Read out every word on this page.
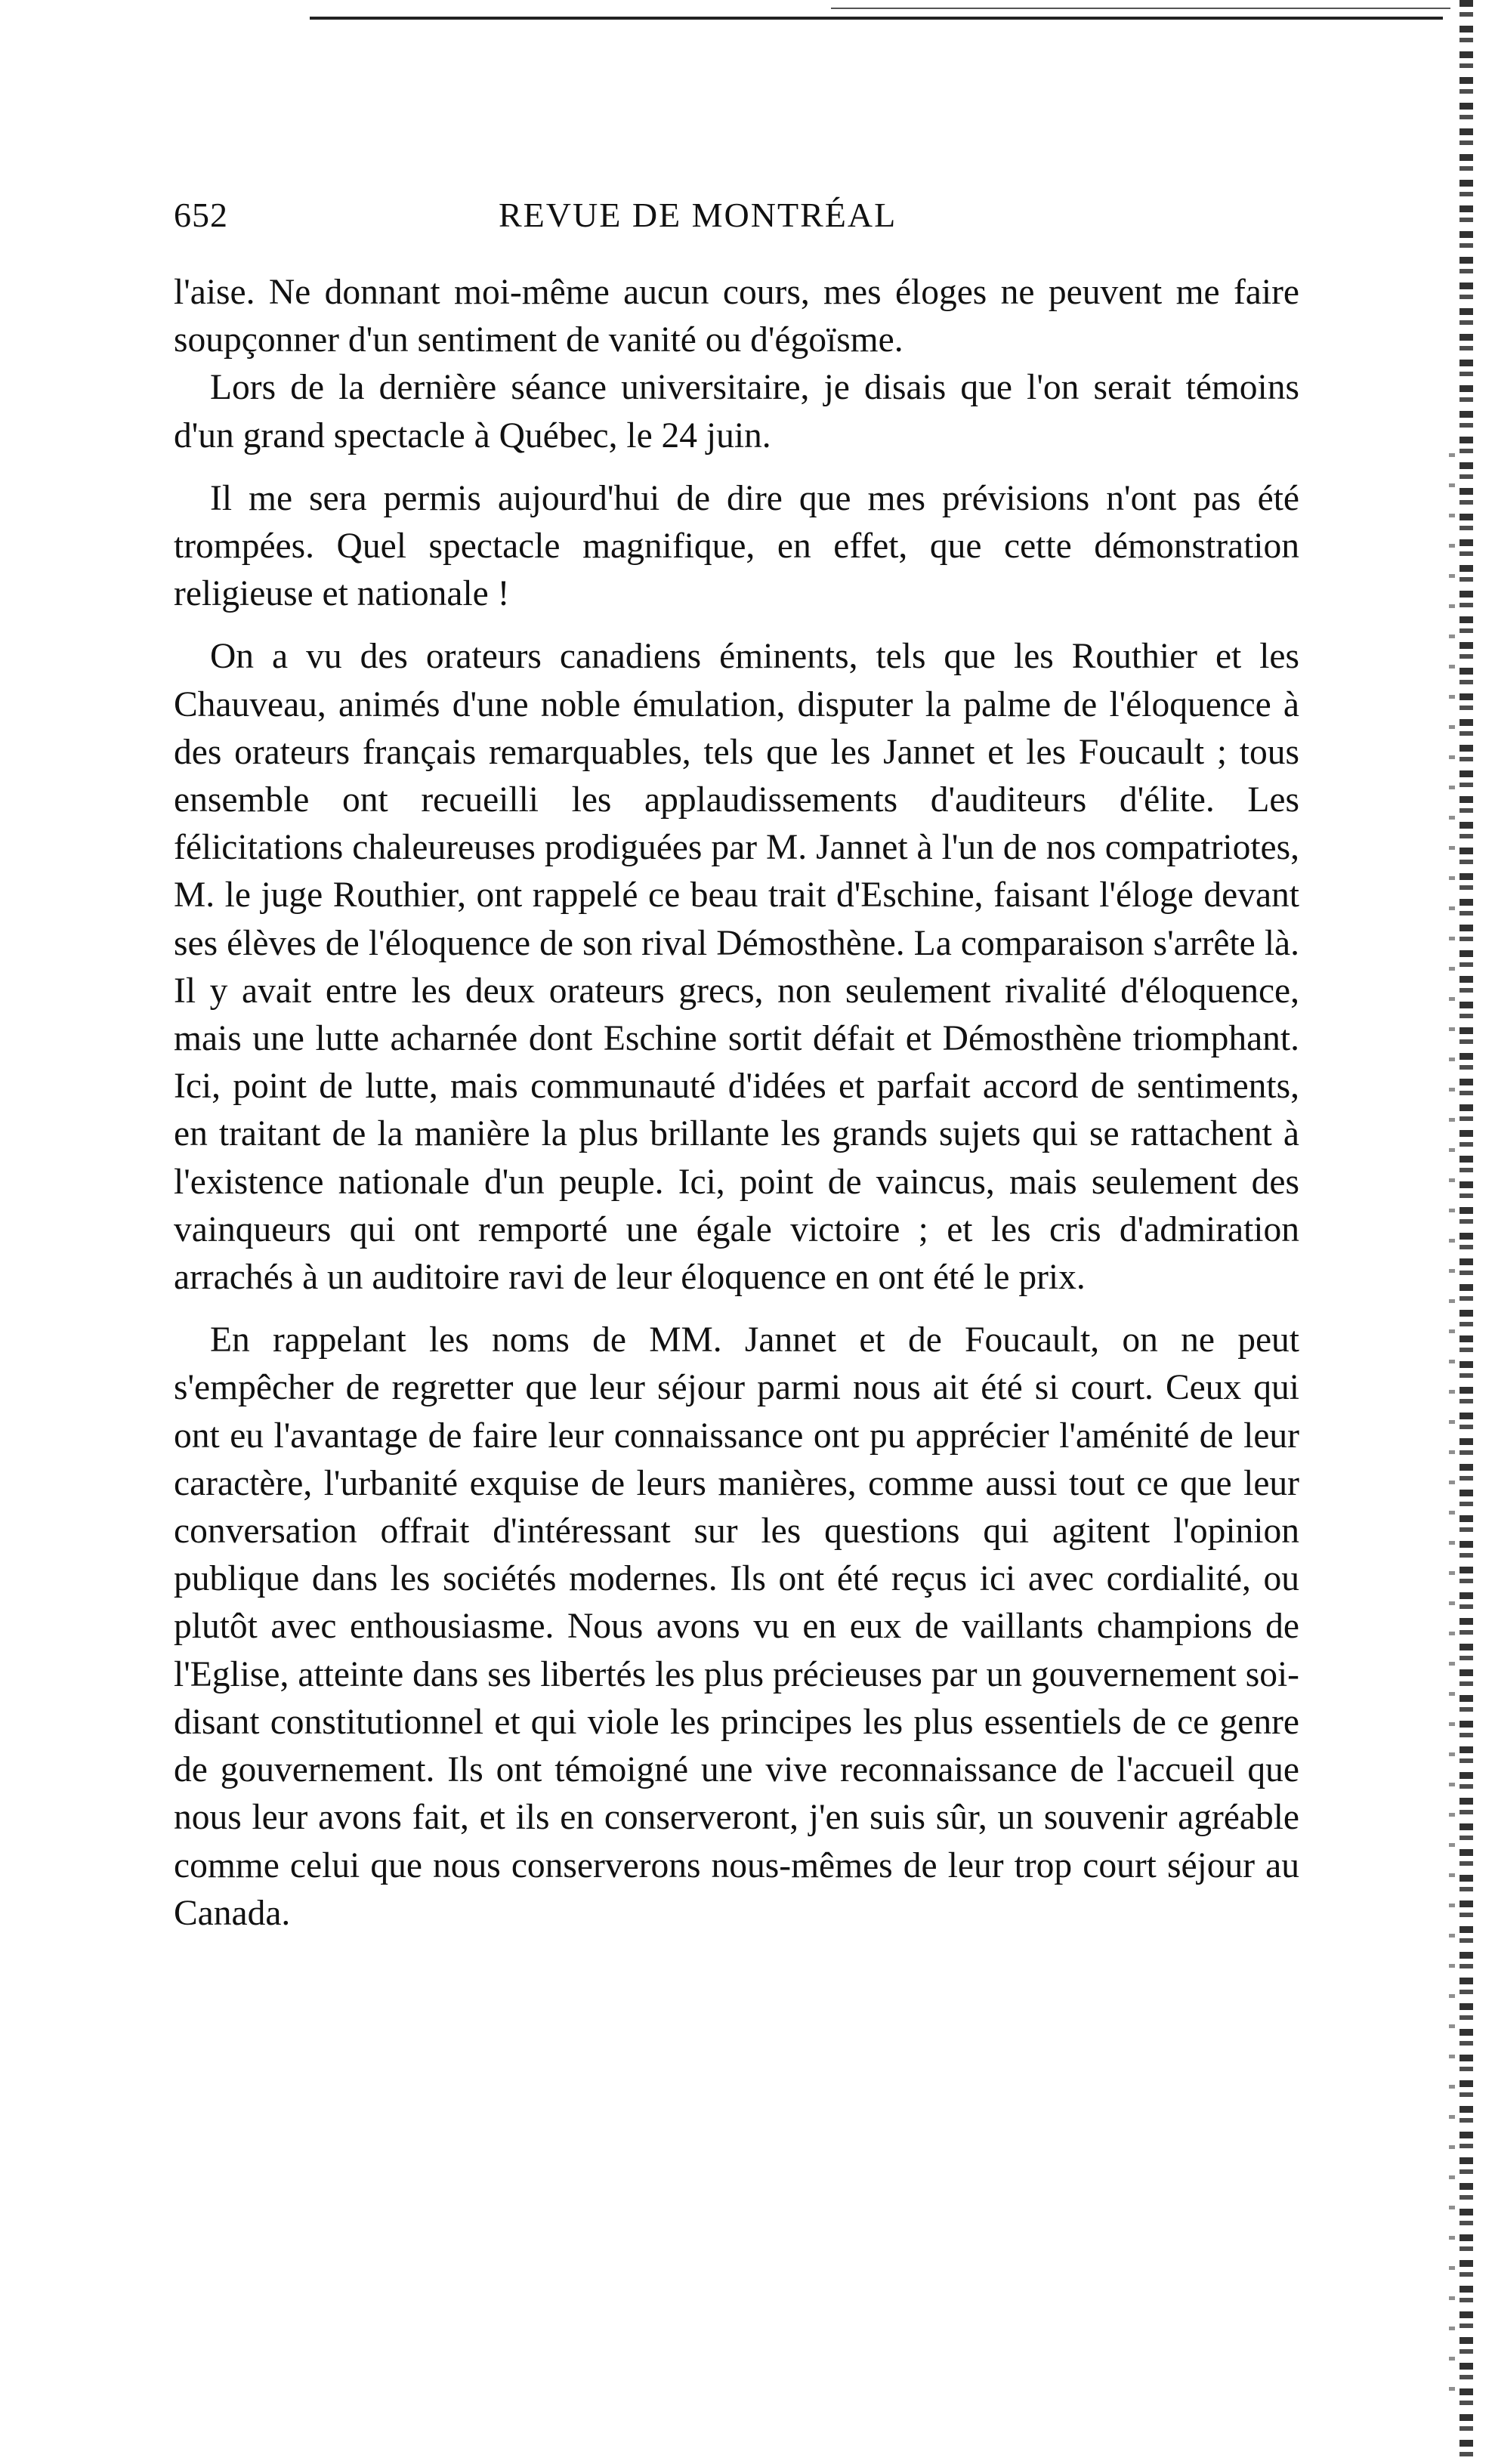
652	REVUE DE MONTRÉAL

l'aise. Ne donnant moi-même aucun cours, mes éloges ne peuvent me faire soupçonner d'un sentiment de vanité ou d'égoïsme.

Lors de la dernière séance universitaire, je disais que l'on serait témoins d'un grand spectacle à Québec, le 24 juin.

Il me sera permis aujourd'hui de dire que mes prévisions n'ont pas été trompées. Quel spectacle magnifique, en effet, que cette démonstration religieuse et nationale !

On a vu des orateurs canadiens éminents, tels que les Routhier et les Chauveau, animés d'une noble émulation, disputer la palme de l'éloquence à des orateurs français remarquables, tels que les Jannet et les Foucault ; tous ensemble ont recueilli les applaudissements d'auditeurs d'élite. Les félicitations chaleureuses prodiguées par M. Jannet à l'un de nos compatriotes, M. le juge Routhier, ont rappelé ce beau trait d'Eschine, faisant l'éloge devant ses élèves de l'éloquence de son rival Démosthène. La comparaison s'arrête là. Il y avait entre les deux orateurs grecs, non seulement rivalité d'éloquence, mais une lutte acharnée dont Eschine sortit défait et Démosthène triomphant. Ici, point de lutte, mais communauté d'idées et parfait accord de sentiments, en traitant de la manière la plus brillante les grands sujets qui se rattachent à l'existence nationale d'un peuple. Ici, point de vaincus, mais seulement des vainqueurs qui ont remporté une égale victoire ; et les cris d'admiration arrachés à un auditoire ravi de leur éloquence en ont été le prix.

En rappelant les noms de MM. Jannet et de Foucault, on ne peut s'empêcher de regretter que leur séjour parmi nous ait été si court. Ceux qui ont eu l'avantage de faire leur connaissance ont pu apprécier l'aménité de leur caractère, l'urbanité exquise de leurs manières, comme aussi tout ce que leur conversation offrait d'intéressant sur les questions qui agitent l'opinion publique dans les sociétés modernes. Ils ont été reçus ici avec cordialité, ou plutôt avec enthousiasme. Nous avons vu en eux de vaillants champions de l'Eglise, atteinte dans ses libertés les plus précieuses par un gouvernement soi-disant constitutionnel et qui viole les principes les plus essentiels de ce genre de gouvernement. Ils ont témoigné une vive reconnaissance de l'accueil que nous leur avons fait, et ils en conserveront, j'en suis sûr, un souvenir agréable comme celui que nous conserverons nous-mêmes de leur trop court séjour au Canada.
